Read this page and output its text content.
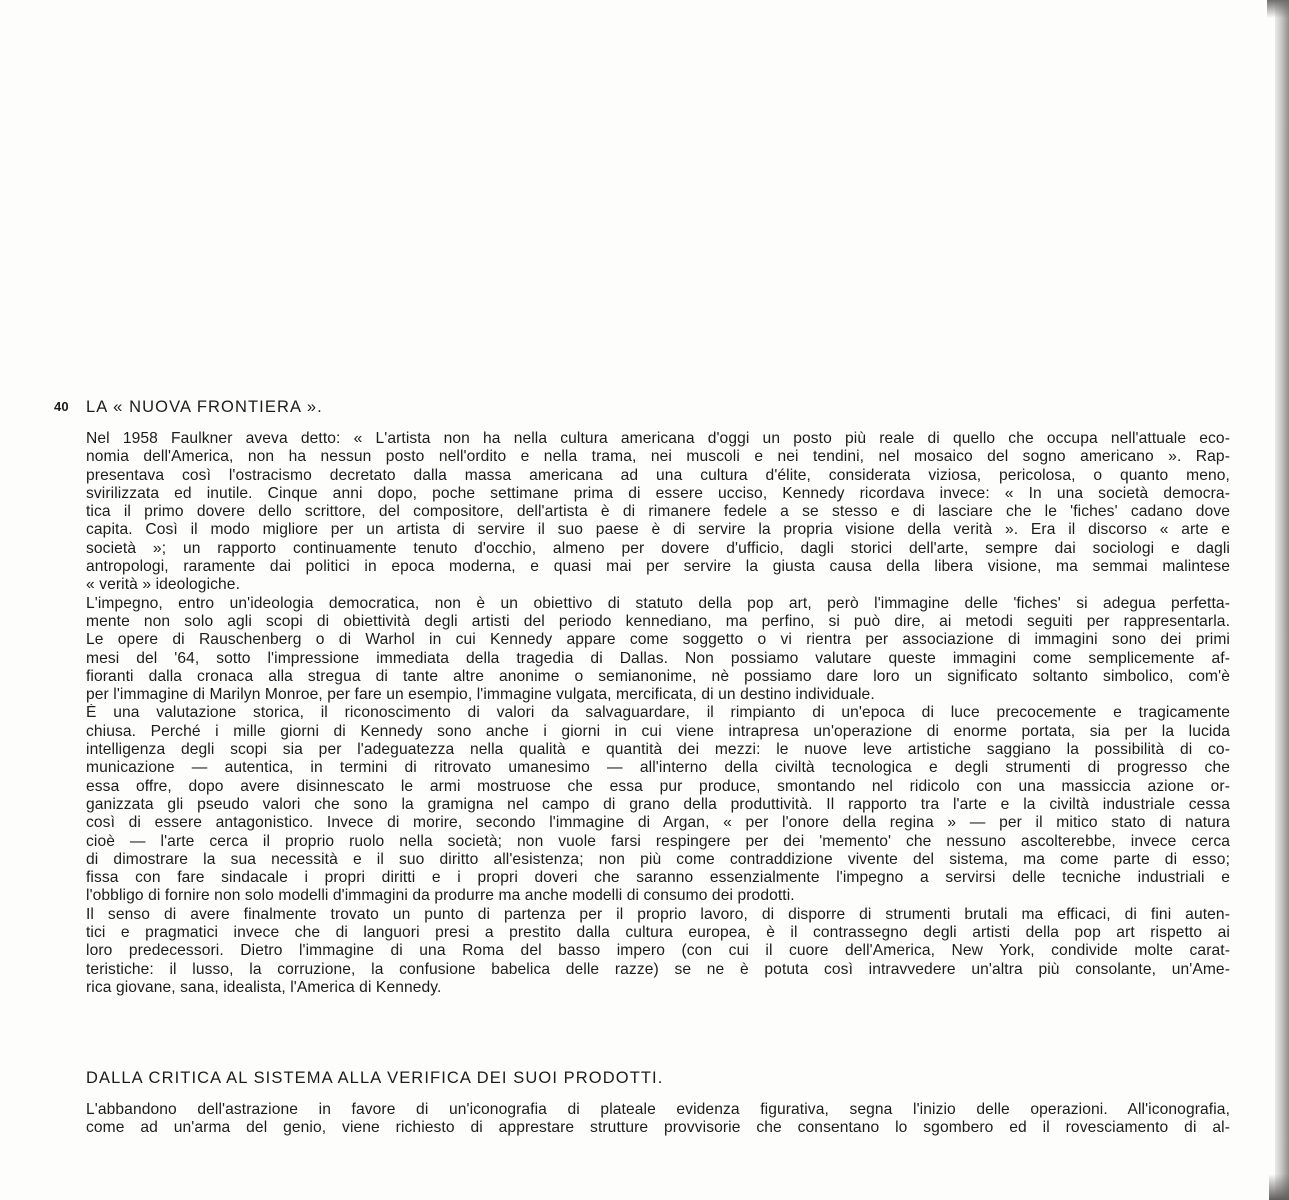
40 LA « NUOVA FRONTIERA ».
Nel 1958 Faulkner aveva detto: « L'artista non ha nella cultura americana d'oggi un posto più reale di quello che occupa nell'attuale eco-
nomia dell'America, non ha nessun posto nell'ordito e nella trama, nei muscoli e nei tendini, nel mosaico del sogno americano ». Rap-
presentava così l'ostracismo decretato dalla massa americana ad una cultura d'élite, considerata viziosa, pericolosa, o quanto meno,
svirilizzata ed inutile. Cinque anni dopo, poche settimane prima di essere ucciso, Kennedy ricordava invece: « In una società democra-
tica il primo dovere dello scrittore, del compositore, dell'artista è di rimanere fedele a se stesso e di lasciare che le 'fiches' cadano dove
capita. Così il modo migliore per un artista di servire il suo paese è di servire la propria visione della verità ». Era il discorso « arte e
società »; un rapporto continuamente tenuto d'occhio, almeno per dovere d'ufficio, dagli storici dell'arte, sempre dai sociologi e dagli
antropologi, raramente dai politici in epoca moderna, e quasi mai per servire la giusta causa della libera visione, ma semmai malintese
« verità » ideologiche.
L'impegno, entro un'ideologia democratica, non è un obiettivo di statuto della pop art, però l'immagine delle 'fiches' si adegua perfetta-
mente non solo agli scopi di obiettività degli artisti del periodo kennediano, ma perfino, si può dire, ai metodi seguiti per rappresentarla.
Le opere di Rauschenberg o di Warhol in cui Kennedy appare come soggetto o vi rientra per associazione di immagini sono dei primi
mesi del '64, sotto l'impressione immediata della tragedia di Dallas. Non possiamo valutare queste immagini come semplicemente af-
fioranti dalla cronaca alla stregua di tante altre anonime o semianonime, nè possiamo dare loro un significato soltanto simbolico, com'è
per l'immagine di Marilyn Monroe, per fare un esempio, l'immagine vulgata, mercificata, di un destino individuale.
È una valutazione storica, il riconoscimento di valori da salvaguardare, il rimpianto di un'epoca di luce precocemente e tragicamente
chiusa. Perché i mille giorni di Kennedy sono anche i giorni in cui viene intrapresa un'operazione di enorme portata, sia per la lucida
intelligenza degli scopi sia per l'adeguatezza nella qualità e quantità dei mezzi: le nuove leve artistiche saggiano la possibilità di co-
municazione — autentica, in termini di ritrovato umanesimo — all'interno della civiltà tecnologica e degli strumenti di progresso che
essa offre, dopo avere disinnescato le armi mostruose che essa pur produce, smontando nel ridicolo con una massiccia azione or-
ganizzata gli pseudo valori che sono la gramigna nel campo di grano della produttività. Il rapporto tra l'arte e la civiltà industriale cessa
così di essere antagonistico. Invece di morire, secondo l'immagine di Argan, « per l'onore della regina » — per il mitico stato di natura
cioè — l'arte cerca il proprio ruolo nella società; non vuole farsi respingere per dei 'memento' che nessuno ascolterebbe, invece cerca
di dimostrare la sua necessità e il suo diritto all'esistenza; non più come contraddizione vivente del sistema, ma come parte di esso;
fissa con fare sindacale i propri diritti e i propri doveri che saranno essenzialmente l'impegno a servirsi delle tecniche industriali e
l'obbligo di fornire non solo modelli d'immagini da produrre ma anche modelli di consumo dei prodotti.
Il senso di avere finalmente trovato un punto di partenza per il proprio lavoro, di disporre di strumenti brutali ma efficaci, di fini auten-
tici e pragmatici invece che di languori presi a prestito dalla cultura europea, è il contrassegno degli artisti della pop art rispetto ai
loro predecessori. Dietro l'immagine di una Roma del basso impero (con cui il cuore dell'America, New York, condivide molte carat-
teristiche: il lusso, la corruzione, la confusione babelica delle razze) se ne è potuta così intravvedere un'altra più consolante, un'Ame-
rica giovane, sana, idealista, l'America di Kennedy.
DALLA CRITICA AL SISTEMA ALLA VERIFICA DEI SUOI PRODOTTI.
L'abbandono dell'astrazione in favore di un'iconografia di plateale evidenza figurativa, segna l'inizio delle operazioni. All'iconografia,
come ad un'arma del genio, viene richiesto di apprestare strutture provvisorie che consentano lo sgombero ed il rovesciamento di al-
